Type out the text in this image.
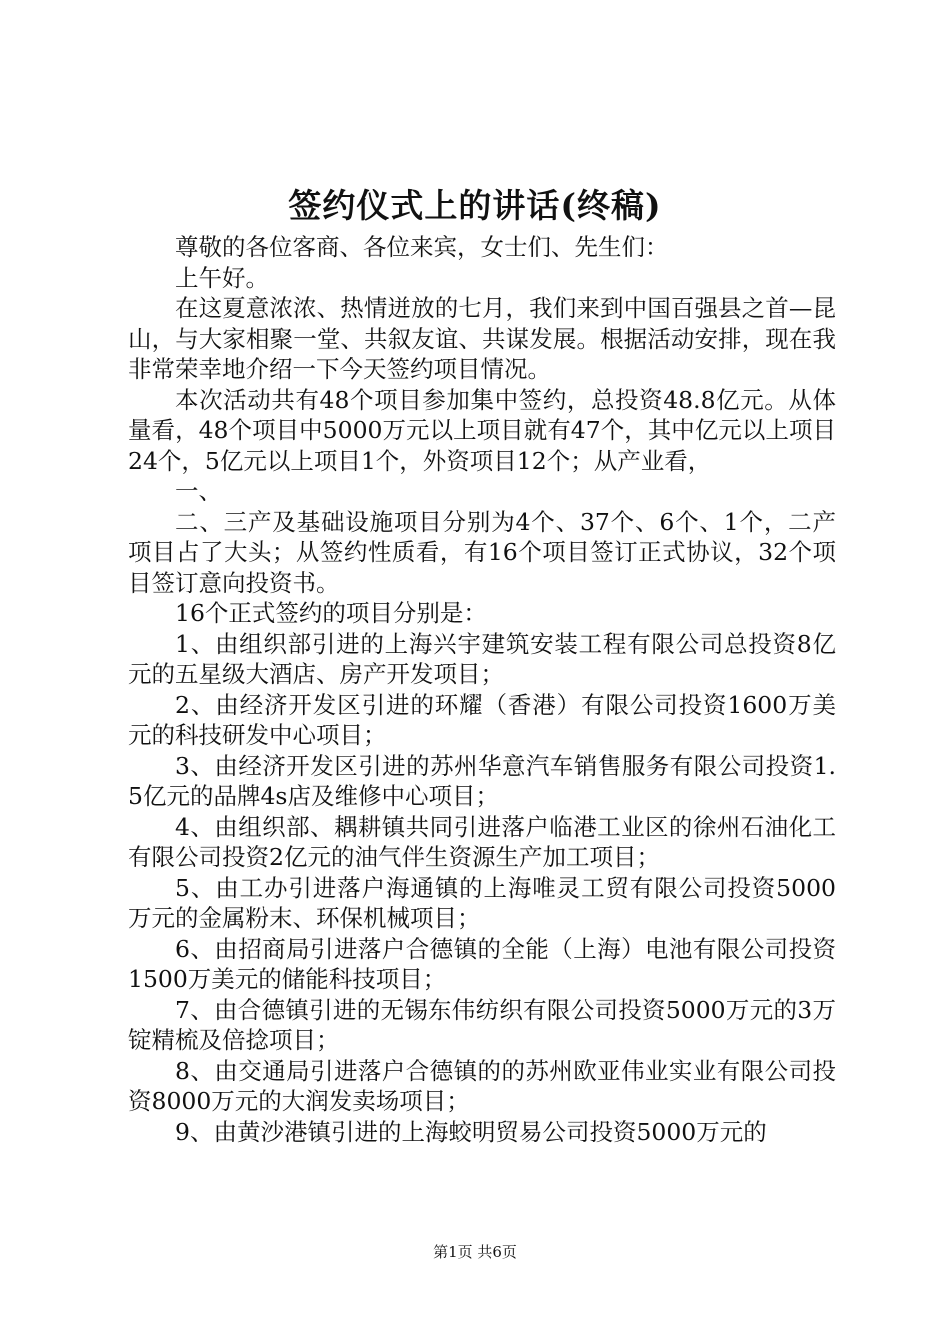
签约仪式上的讲话(终稿)

尊敬的各位客商、各位来宾，女士们、先生们：

上午好。

在这夏意浓浓、热情迸放的七月，我们来到中国百强县之首—昆山，与大家相聚一堂、共叙友谊、共谋发展。根据活动安排，现在我非常荣幸地介绍一下今天签约项目情况。

本次活动共有48个项目参加集中签约，总投资48.8亿元。从体量看，48个项目中5000万元以上项目就有47个，其中亿元以上项目24个，5亿元以上项目1个，外资项目12个；从产业看，

一、

二、三产及基础设施项目分别为4个、37个、6个、1个，二产项目占了大头；从签约性质看，有16个项目签订正式协议，32个项目签订意向投资书。

16个正式签约的项目分别是：

1、由组织部引进的上海兴宇建筑安装工程有限公司总投资8亿元的五星级大酒店、房产开发项目；

2、由经济开发区引进的环耀（香港）有限公司投资1600万美元的科技研发中心项目；

3、由经济开发区引进的苏州华意汽车销售服务有限公司投资1.5亿元的品牌4s店及维修中心项目；

4、由组织部、耦耕镇共同引进落户临港工业区的徐州石油化工有限公司投资2亿元的油气伴生资源生产加工项目；

5、由工办引进落户海通镇的上海唯灵工贸有限公司投资5000万元的金属粉末、环保机械项目；

6、由招商局引进落户合德镇的全能（上海）电池有限公司投资1500万美元的储能科技项目；

7、由合德镇引进的无锡东伟纺织有限公司投资5000万元的3万锭精梳及倍捻项目；

8、由交通局引进落户合德镇的的苏州欧亚伟业实业有限公司投资8000万元的大润发卖场项目；

9、由黄沙港镇引进的上海蛟明贸易公司投资5000万元的

第1页 共6页
